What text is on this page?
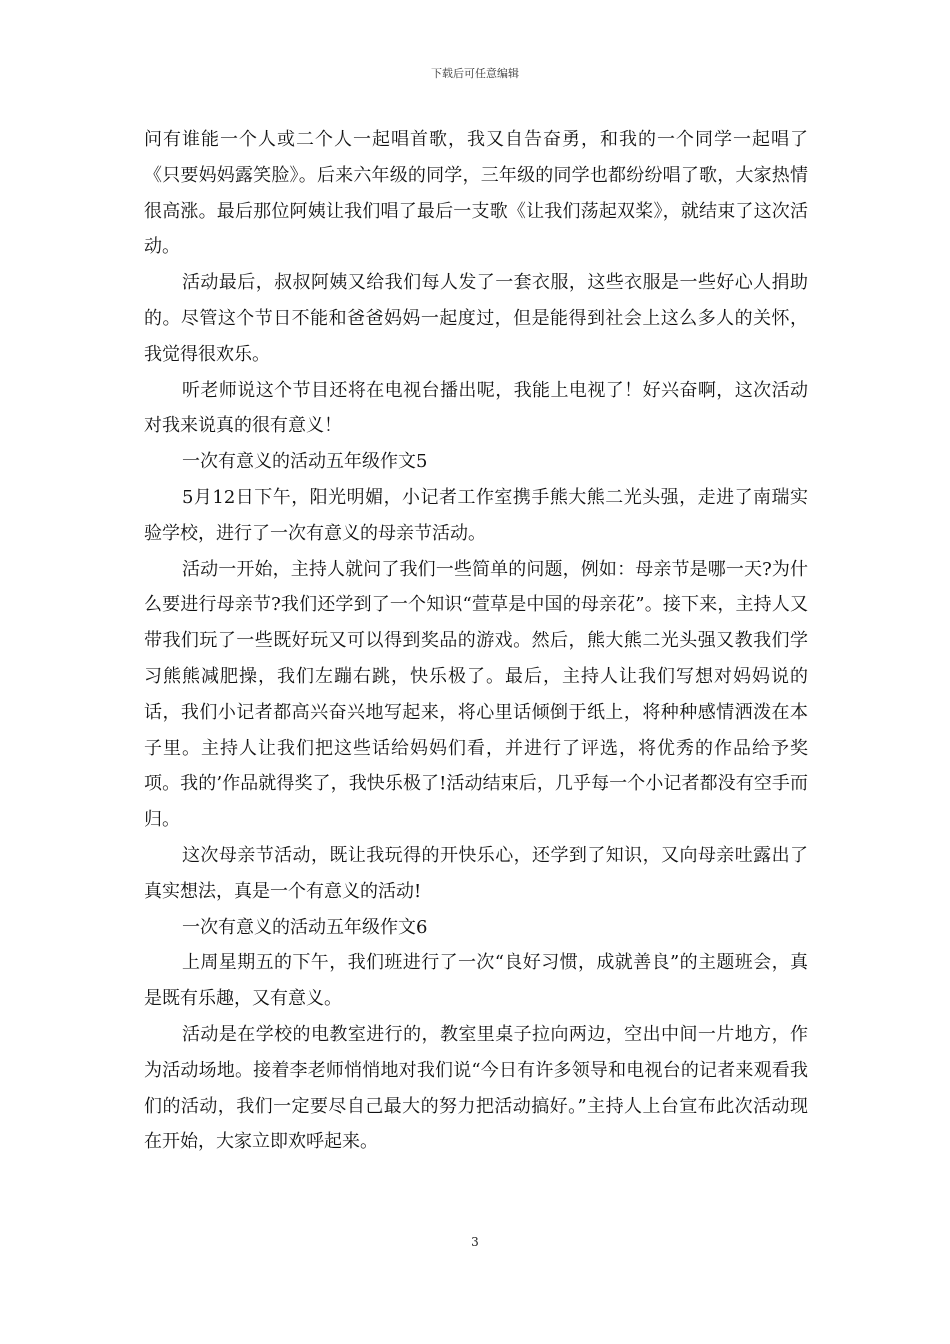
下载后可任意编辑

问有谁能一个人或二个人一起唱首歌，我又自告奋勇，和我的一个同学一起唱了《只要妈妈露笑脸》。后来六年级的同学，三年级的同学也都纷纷唱了歌，大家热情很高涨。最后那位阿姨让我们唱了最后一支歌《让我们荡起双桨》，就结束了这次活动。

活动最后，叔叔阿姨又给我们每人发了一套衣服，这些衣服是一些好心人捐助的。尽管这个节日不能和爸爸妈妈一起度过，但是能得到社会上这么多人的关怀，我觉得很欢乐。

听老师说这个节目还将在电视台播出呢，我能上电视了！好兴奋啊，这次活动对我来说真的很有意义！

一次有意义的活动五年级作文5

5月12日下午，阳光明媚，小记者工作室携手熊大熊二光头强，走进了南瑞实验学校，进行了一次有意义的母亲节活动。

活动一开始，主持人就问了我们一些简单的问题，例如：母亲节是哪一天?为什么要进行母亲节?我们还学到了一个知识“萱草是中国的母亲花”。接下来，主持人又带我们玩了一些既好玩又可以得到奖品的游戏。然后，熊大熊二光头强又教我们学习熊熊减肥操，我们左蹦右跳，快乐极了。最后，主持人让我们写想对妈妈说的话，我们小记者都高兴奋兴地写起来，将心里话倾倒于纸上，将种种感情洒泼在本子里。主持人让我们把这些话给妈妈们看，并进行了评选，将优秀的作品给予奖项。我的’作品就得奖了，我快乐极了!活动结束后，几乎每一个小记者都没有空手而归。

这次母亲节活动，既让我玩得的开快乐心，还学到了知识，又向母亲吐露出了真实想法，真是一个有意义的活动!

一次有意义的活动五年级作文6

上周星期五的下午，我们班进行了一次“良好习惯，成就善良”的主题班会，真是既有乐趣，又有意义。

活动是在学校的电教室进行的，教室里桌子拉向两边，空出中间一片地方，作为活动场地。接着李老师悄悄地对我们说“今日有许多领导和电视台的记者来观看我们的活动，我们一定要尽自己最大的努力把活动搞好。”主持人上台宣布此次活动现在开始，大家立即欢呼起来。

3
